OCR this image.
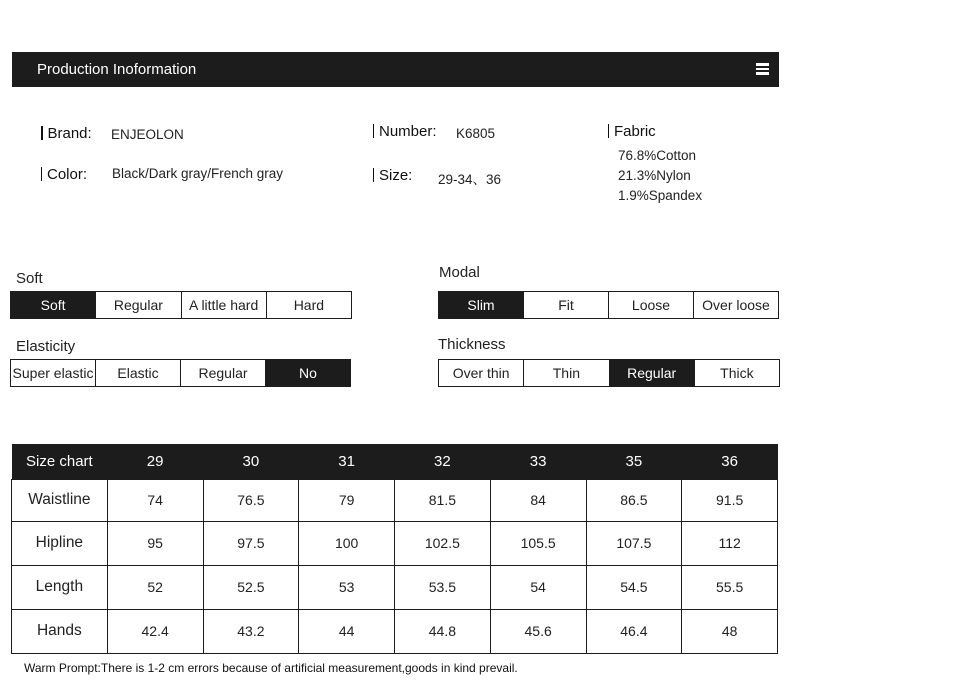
Production Inoformation
Brand: ENJEOLON
Color: Black/Dark gray/French gray
Number: K6805
Size: 29-34、36
Fabric
76.8%Cotton
21.3%Nylon
1.9%Spandex
Soft
Soft	Regular	A little hard	Hard
Elasticity
Super elastic	Elastic	Regular	No
Modal
Slim	Fit	Loose	Over loose
Thickness
Over thin	Thin	Regular	Thick
Size chart	29	30	31	32	33	35	36
Waistline	74	76.5	79	81.5	84	86.5	91.5
Hipline	95	97.5	100	102.5	105.5	107.5	112
Length	52	52.5	53	53.5	54	54.5	55.5
Hands	42.4	43.2	44	44.8	45.6	46.4	48
Warm Prompt:There is 1-2 cm errors because of artificial measurement,goods in kind prevail.
